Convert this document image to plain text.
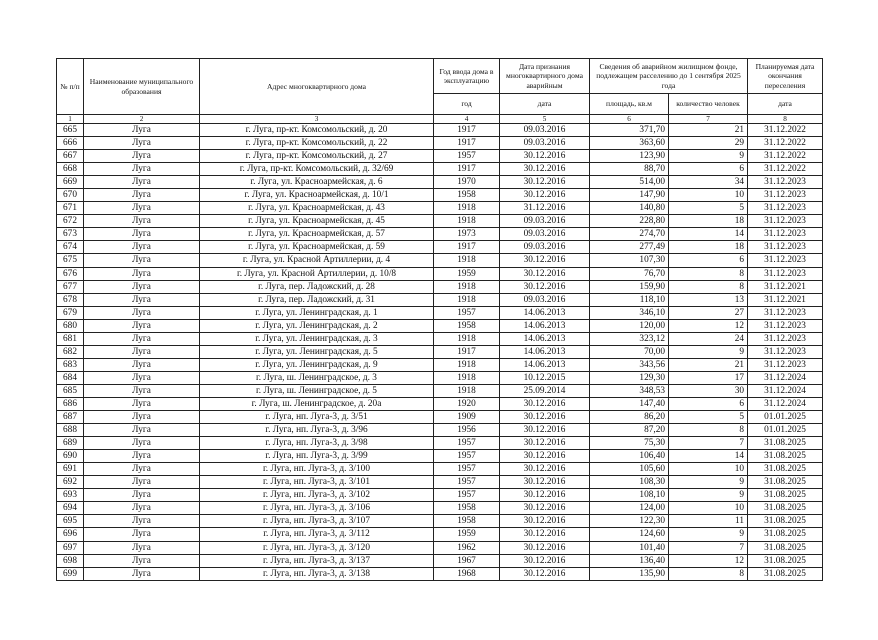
№ п/п	Наименование муниципального образования	Адрес многоквартирного дома	Год ввода дома в эксплуатацию	Дата признания многоквартирного дома аварийным	Сведения об аварийном жилищном фонде, подлежащем расселению до 1 сентября 2025 года		Планируемая дата окончания переселения
			год	дата	площадь, кв.м	количество человек	дата
1	2	3	4	5	6	7	8
665	Луга	г. Луга, пр-кт. Комсомольский, д. 20	1917	09.03.2016	371,70	21	31.12.2022
666	Луга	г. Луга, пр-кт. Комсомольский, д. 22	1917	09.03.2016	363,60	29	31.12.2022
667	Луга	г. Луга, пр-кт. Комсомольский, д. 27	1957	30.12.2016	123,90	9	31.12.2022
668	Луга	г. Луга, пр-кт. Комсомольский, д. 32/69	1917	30.12.2016	88,70	6	31.12.2022
669	Луга	г. Луга, ул. Красноармейская, д. 6	1970	30.12.2016	514,00	34	31.12.2023
670	Луга	г. Луга, ул. Красноармейская, д. 10/1	1958	30.12.2016	147,90	10	31.12.2023
671	Луга	г. Луга, ул. Красноармейская, д. 43	1918	31.12.2016	140,80	5	31.12.2023
672	Луга	г. Луга, ул. Красноармейская, д. 45	1918	09.03.2016	228,80	18	31.12.2023
673	Луга	г. Луга, ул. Красноармейская, д. 57	1973	09.03.2016	274,70	14	31.12.2023
674	Луга	г. Луга, ул. Красноармейская, д. 59	1917	09.03.2016	277,49	18	31.12.2023
675	Луга	г. Луга, ул. Красной Артиллерии, д. 4	1918	30.12.2016	107,30	6	31.12.2023
676	Луга	г. Луга, ул. Красной Артиллерии, д. 10/8	1959	30.12.2016	76,70	8	31.12.2023
677	Луга	г. Луга, пер. Ладожский, д. 28	1918	30.12.2016	159,90	8	31.12.2021
678	Луга	г. Луга, пер. Ладожский, д. 31	1918	09.03.2016	118,10	13	31.12.2021
679	Луга	г. Луга, ул. Ленинградская, д. 1	1957	14.06.2013	346,10	27	31.12.2023
680	Луга	г. Луга, ул. Ленинградская, д. 2	1958	14.06.2013	120,00	12	31.12.2023
681	Луга	г. Луга, ул. Ленинградская, д. 3	1918	14.06.2013	323,12	24	31.12.2023
682	Луга	г. Луга, ул. Ленинградская, д. 5	1917	14.06.2013	70,00	9	31.12.2023
683	Луга	г. Луга, ул. Ленинградская, д. 9	1918	14.06.2013	343,56	21	31.12.2023
684	Луга	г. Луга, ш. Ленинградское, д. 3	1918	10.12.2015	129,30	17	31.12.2024
685	Луга	г. Луга, ш. Ленинградское, д. 5	1918	25.09.2014	348,53	30	31.12.2024
686	Луга	г. Луга, ш. Ленинградское, д. 20а	1920	30.12.2016	147,40	6	31.12.2024
687	Луга	г. Луга, нп. Луга-3, д. 3/51	1909	30.12.2016	86,20	5	01.01.2025
688	Луга	г. Луга, нп. Луга-3, д. 3/96	1956	30.12.2016	87,20	8	01.01.2025
689	Луга	г. Луга, нп. Луга-3, д. 3/98	1957	30.12.2016	75,30	7	31.08.2025
690	Луга	г. Луга, нп. Луга-3, д. 3/99	1957	30.12.2016	106,40	14	31.08.2025
691	Луга	г. Луга, нп. Луга-3, д. 3/100	1957	30.12.2016	105,60	10	31.08.2025
692	Луга	г. Луга, нп. Луга-3, д. 3/101	1957	30.12.2016	108,30	9	31.08.2025
693	Луга	г. Луга, нп. Луга-3, д. 3/102	1957	30.12.2016	108,10	9	31.08.2025
694	Луга	г. Луга, нп. Луга-3, д. 3/106	1958	30.12.2016	124,00	10	31.08.2025
695	Луга	г. Луга, нп. Луга-3, д. 3/107	1958	30.12.2016	122,30	11	31.08.2025
696	Луга	г. Луга, нп. Луга-3, д. 3/112	1959	30.12.2016	124,60	9	31.08.2025
697	Луга	г. Луга, нп. Луга-3, д. 3/120	1962	30.12.2016	101,40	7	31.08.2025
698	Луга	г. Луга, нп. Луга-3, д. 3/137	1967	30.12.2016	136,40	12	31.08.2025
699	Луга	г. Луга, нп. Луга-3, д. 3/138	1968	30.12.2016	135,90	8	31.08.2025
